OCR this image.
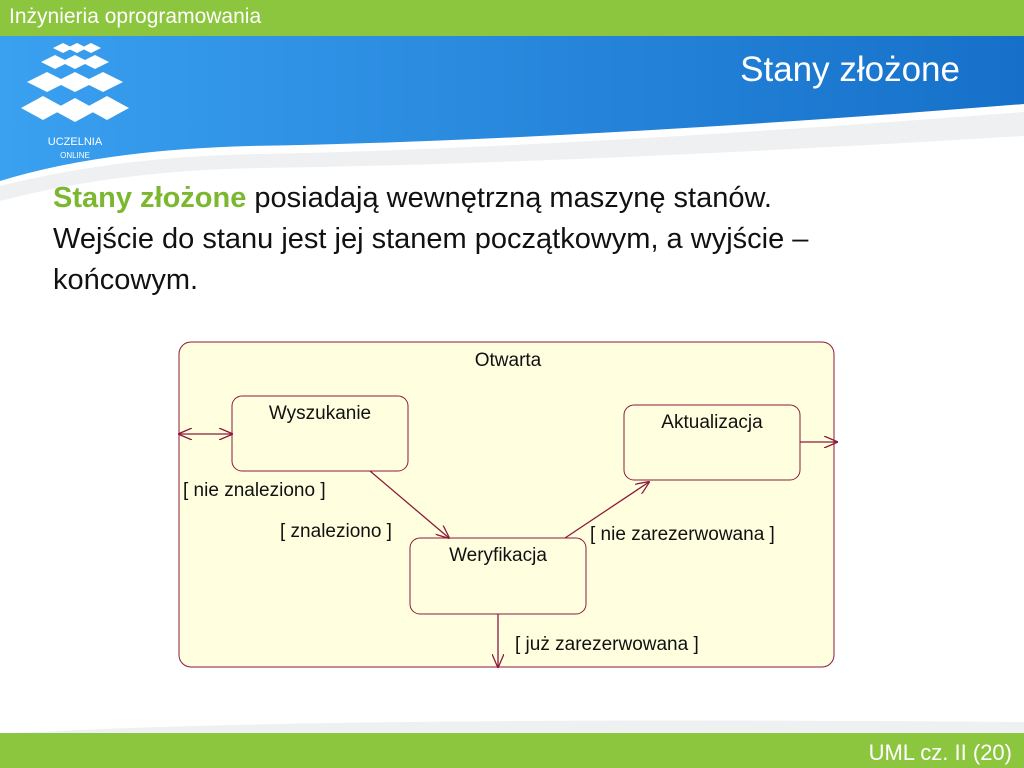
Inżynieria oprogramowania
Stany złożone
UCZELNIA
ONLINE
Stany złożone posiadają wewnętrzną maszynę stanów.
Wejście do stanu jest jej stanem początkowym, a wyjście –
końcowym.
Otwarta
Wyszukanie	Aktualizacja
Weryfikacja
[ nie znaleziono ]
[ znaleziono ]	[ nie zarezerwowana ]
[ już zarezerwowana ]
UML cz. II (20)
